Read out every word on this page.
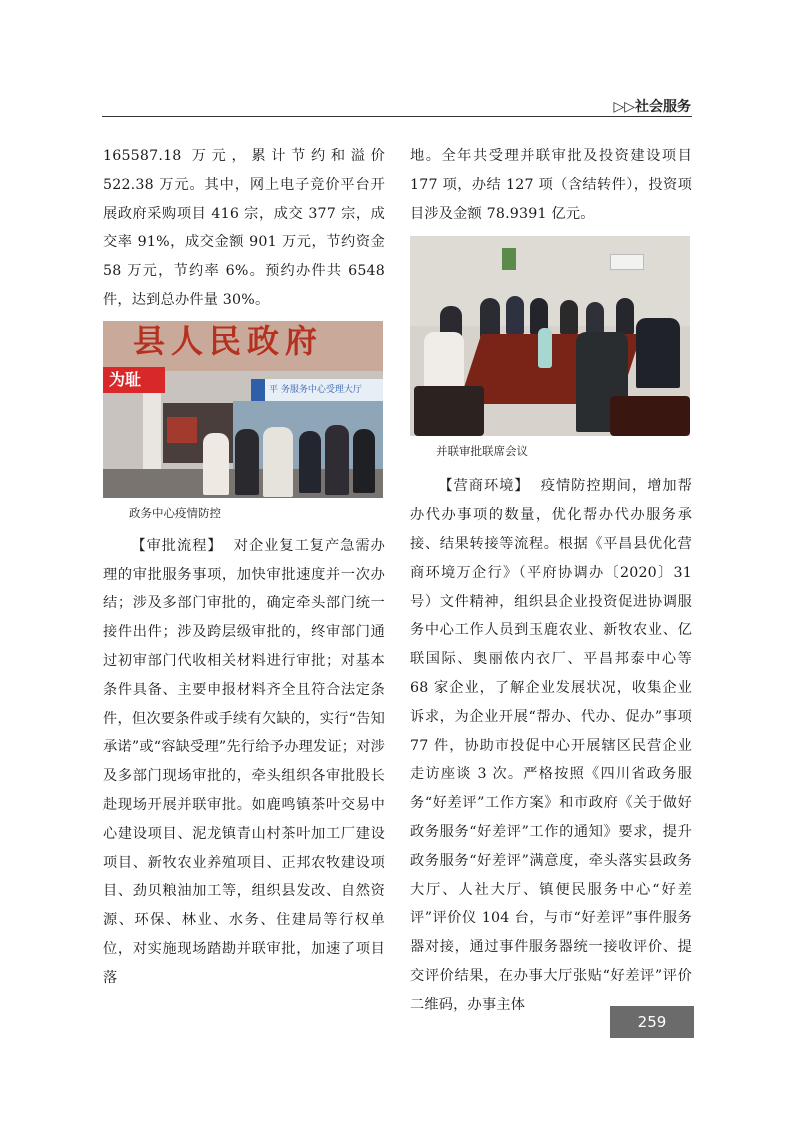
▷▷社会服务

165587.18 万元，累计节约和溢价 522.38 万元。其中，网上电子竞价平台开展政府采购项目 416 宗，成交 377 宗，成交率 91%，成交金额 901 万元，节约资金 58 万元，节约率 6%。预约办件共 6548 件，达到总办件量 30%。

县人民政府
为耻
平 务服务中心受理大厅
政务中心疫情防控

【审批流程】 对企业复工复产急需办理的审批服务事项，加快审批速度并一次办结；涉及多部门审批的，确定牵头部门统一接件出件；涉及跨层级审批的，终审部门通过初审部门代收相关材料进行审批；对基本条件具备、主要申报材料齐全且符合法定条件，但次要条件或手续有欠缺的，实行“告知承诺”或“容缺受理”先行给予办理发证；对涉及多部门现场审批的，牵头组织各审批股长赴现场开展并联审批。如鹿鸣镇茶叶交易中心建设项目、泥龙镇青山村茶叶加工厂建设项目、新牧农业养殖项目、正邦农牧建设项目、劲贝粮油加工等，组织县发改、自然资源、环保、林业、水务、住建局等行权单位，对实施现场踏勘并联审批，加速了项目落

地。全年共受理并联审批及投资建设项目 177 项，办结 127 项（含结转件），投资项目涉及金额 78.9391 亿元。

并联审批联席会议

【营商环境】 疫情防控期间，增加帮办代办事项的数量，优化帮办代办服务承接、结果转接等流程。根据《平昌县优化营商环境万企行》（平府协调办〔2020〕31 号）文件精神，组织县企业投资促进协调服务中心工作人员到玉鹿农业、新牧农业、亿联国际、奥丽侬内衣厂、平昌邦泰中心等 68 家企业，了解企业发展状况，收集企业诉求，为企业开展“帮办、代办、促办”事项 77 件，协助市投促中心开展辖区民营企业走访座谈 3 次。严格按照《四川省政务服务“好差评”工作方案》和市政府《关于做好政务服务“好差评”工作的通知》要求，提升政务服务“好差评”满意度，牵头落实县政务大厅、人社大厅、镇便民服务中心“好差评”评价仪 104 台，与市“好差评”事件服务器对接，通过事件服务器统一接收评价、提交评价结果，在办事大厅张贴“好差评”评价二维码，办事主体

259
